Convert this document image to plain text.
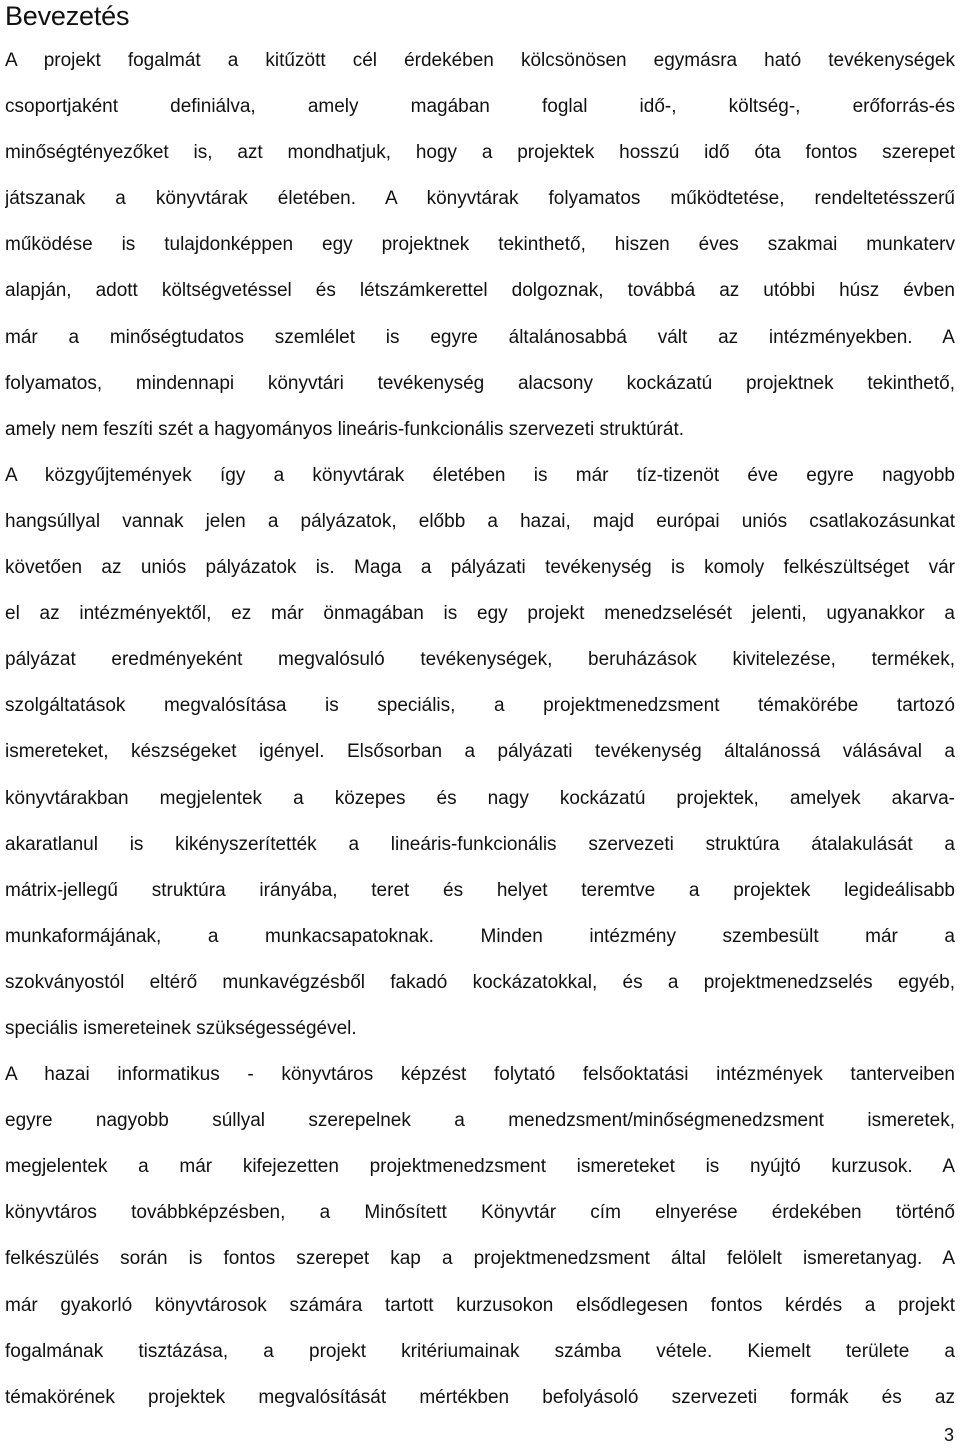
Bevezetés
A projekt fogalmát a kitűzött cél érdekében kölcsönösen egymásra ható tevékenységek
csoportjaként definiálva, amely magában foglal idő-, költség-, erőforrás-és
minőségtényezőket is, azt mondhatjuk, hogy a projektek hosszú idő óta fontos szerepet
játszanak a könyvtárak életében. A könyvtárak folyamatos működtetése, rendeltetésszerű
működése is tulajdonképpen egy projektnek tekinthető, hiszen éves szakmai munkaterv
alapján, adott költségvetéssel és létszámkerettel dolgoznak, továbbá az utóbbi húsz évben
már a minőségtudatos szemlélet is egyre általánosabbá vált az intézményekben. A
folyamatos, mindennapi könyvtári tevékenység alacsony kockázatú projektnek tekinthető,
amely nem feszíti szét a hagyományos lineáris-funkcionális szervezeti struktúrát.
A közgyűjtemények így a könyvtárak életében is már tíz-tizenöt éve egyre nagyobb
hangsúllyal vannak jelen a pályázatok, előbb a hazai, majd európai uniós csatlakozásunkat
követően az uniós pályázatok is. Maga a pályázati tevékenység is komoly felkészültséget vár
el az intézményektől, ez már önmagában is egy projekt menedzselését jelenti, ugyanakkor a
pályázat eredményeként megvalósuló tevékenységek, beruházások kivitelezése, termékek,
szolgáltatások megvalósítása is speciális, a projektmenedzsment témakörébe tartozó
ismereteket, készségeket igényel. Elsősorban a pályázati tevékenység általánossá válásával a
könyvtárakban megjelentek a közepes és nagy kockázatú projektek, amelyek akarva-
akaratlanul is kikényszerítették a lineáris-funkcionális szervezeti struktúra átalakulását a
mátrix-jellegű struktúra irányába, teret és helyet teremtve a projektek legideálisabb
munkaformájának, a munkacsapatoknak. Minden intézmény szembesült már a
szokványostól eltérő munkavégzésből fakadó kockázatokkal, és a projektmenedzselés egyéb,
speciális ismereteinek szükségességével.
A hazai informatikus - könyvtáros képzést folytató felsőoktatási intézmények tanterveiben
egyre nagyobb súllyal szerepelnek a menedzsment/minőségmenedzsment ismeretek,
megjelentek a már kifejezetten projektmenedzsment ismereteket is nyújtó kurzusok. A
könyvtáros továbbképzésben, a Minősített Könyvtár cím elnyerése érdekében történő
felkészülés során is fontos szerepet kap a projektmenedzsment által felölelt ismeretanyag. A
már gyakorló könyvtárosok számára tartott kurzusokon elsődlegesen fontos kérdés a projekt
fogalmának tisztázása, a projekt kritériumainak számba vétele. Kiemelt területe a
témakörének projektek megvalósítását mértékben befolyásoló szervezeti formák és az
3
